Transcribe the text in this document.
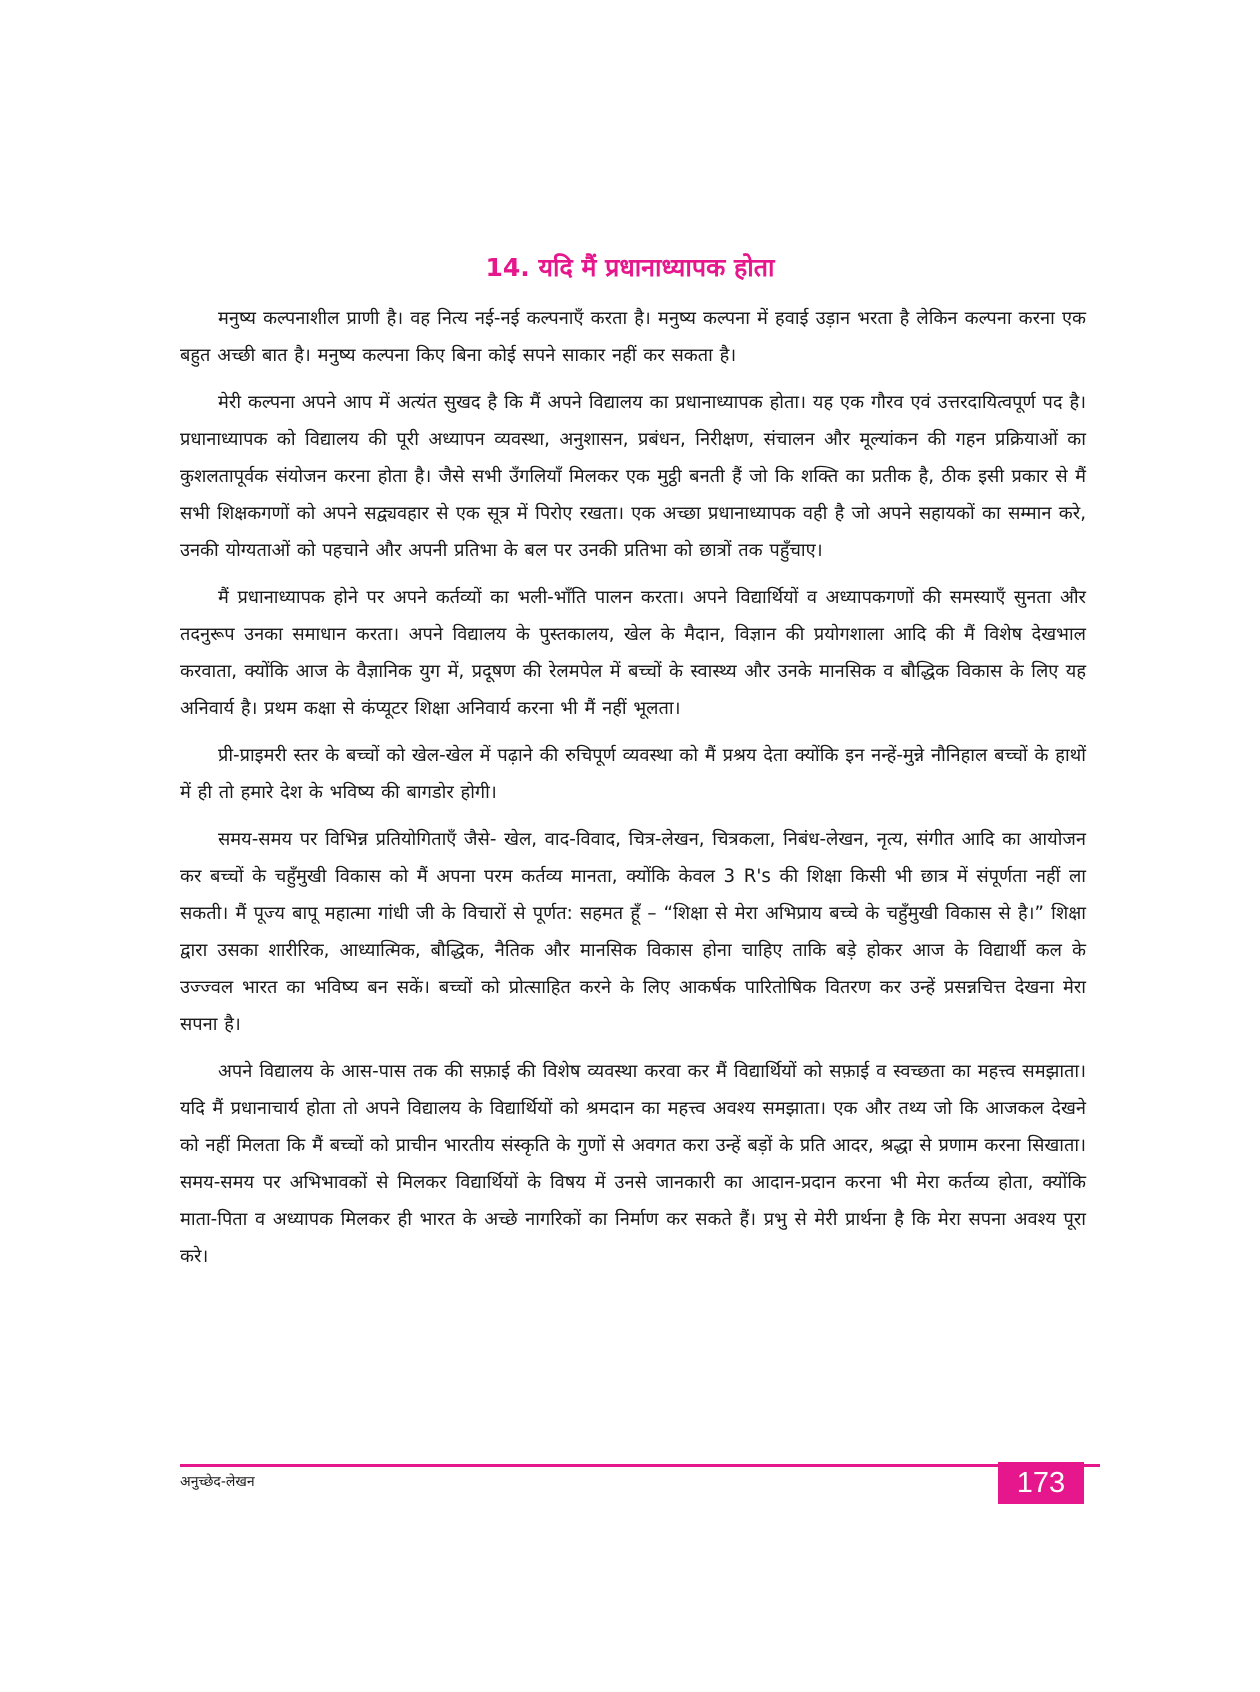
14. यदि मैं प्रधानाध्यापक होता

मनुष्य कल्पनाशील प्राणी है। वह नित्य नई-नई कल्पनाएँ करता है। मनुष्य कल्पना में हवाई उड़ान भरता है लेकिन कल्पना करना एक बहुत अच्छी बात है। मनुष्य कल्पना किए बिना कोई सपने साकार नहीं कर सकता है।

मेरी कल्पना अपने आप में अत्यंत सुखद है कि मैं अपने विद्यालय का प्रधानाध्यापक होता। यह एक गौरव एवं उत्तरदायित्वपूर्ण पद है। प्रधानाध्यापक को विद्यालय की पूरी अध्यापन व्यवस्था, अनुशासन, प्रबंधन, निरीक्षण, संचालन और मूल्यांकन की गहन प्रक्रियाओं का कुशलतापूर्वक संयोजन करना होता है। जैसे सभी उँगलियाँ मिलकर एक मुट्ठी बनती हैं जो कि शक्ति का प्रतीक है, ठीक इसी प्रकार से मैं सभी शिक्षकगणों को अपने सद्व्यवहार से एक सूत्र में पिरोए रखता। एक अच्छा प्रधानाध्यापक वही है जो अपने सहायकों का सम्मान करे, उनकी योग्यताओं को पहचाने और अपनी प्रतिभा के बल पर उनकी प्रतिभा को छात्रों तक पहुँचाए।

मैं प्रधानाध्यापक होने पर अपने कर्तव्यों का भली-भाँति पालन करता। अपने विद्यार्थियों व अध्यापकगणों की समस्याएँ सुनता और तदनुरूप उनका समाधान करता। अपने विद्यालय के पुस्तकालय, खेल के मैदान, विज्ञान की प्रयोगशाला आदि की मैं विशेष देखभाल करवाता, क्योंकि आज के वैज्ञानिक युग में, प्रदूषण की रेलमपेल में बच्चों के स्वास्थ्य और उनके मानसिक व बौद्धिक विकास के लिए यह अनिवार्य है। प्रथम कक्षा से कंप्यूटर शिक्षा अनिवार्य करना भी मैं नहीं भूलता।

प्री-प्राइमरी स्तर के बच्चों को खेल-खेल में पढ़ाने की रुचिपूर्ण व्यवस्था को मैं प्रश्रय देता क्योंकि इन नन्हें-मुन्ने नौनिहाल बच्चों के हाथों में ही तो हमारे देश के भविष्य की बागडोर होगी।

समय-समय पर विभिन्न प्रतियोगिताएँ जैसे- खेल, वाद-विवाद, चित्र-लेखन, चित्रकला, निबंध-लेखन, नृत्य, संगीत आदि का आयोजन कर बच्चों के चहुँमुखी विकास को मैं अपना परम कर्तव्य मानता, क्योंकि केवल 3 R's की शिक्षा किसी भी छात्र में संपूर्णता नहीं ला सकती। मैं पूज्य बापू महात्मा गांधी जी के विचारों से पूर्णत: सहमत हूँ – “शिक्षा से मेरा अभिप्राय बच्चे के चहुँमुखी विकास से है।” शिक्षा द्वारा उसका शारीरिक, आध्यात्मिक, बौद्धिक, नैतिक और मानसिक विकास होना चाहिए ताकि बड़े होकर आज के विद्यार्थी कल के उज्ज्वल भारत का भविष्य बन सकें। बच्चों को प्रोत्साहित करने के लिए आकर्षक पारितोषिक वितरण कर उन्हें प्रसन्नचित्त देखना मेरा सपना है।

अपने विद्यालय के आस-पास तक की सफ़ाई की विशेष व्यवस्था करवा कर मैं विद्यार्थियों को सफ़ाई व स्वच्छता का महत्त्व समझाता। यदि मैं प्रधानाचार्य होता तो अपने विद्यालय के विद्यार्थियों को श्रमदान का महत्त्व अवश्य समझाता। एक और तथ्य जो कि आजकल देखने को नहीं मिलता कि मैं बच्चों को प्राचीन भारतीय संस्कृति के गुणों से अवगत करा उन्हें बड़ों के प्रति आदर, श्रद्धा से प्रणाम करना सिखाता। समय-समय पर अभिभावकों से मिलकर विद्यार्थियों के विषय में उनसे जानकारी का आदान-प्रदान करना भी मेरा कर्तव्य होता, क्योंकि माता-पिता व अध्यापक मिलकर ही भारत के अच्छे नागरिकों का निर्माण कर सकते हैं। प्रभु से मेरी प्रार्थना है कि मेरा सपना अवश्य पूरा करे।

अनुच्छेद-लेखन	173
